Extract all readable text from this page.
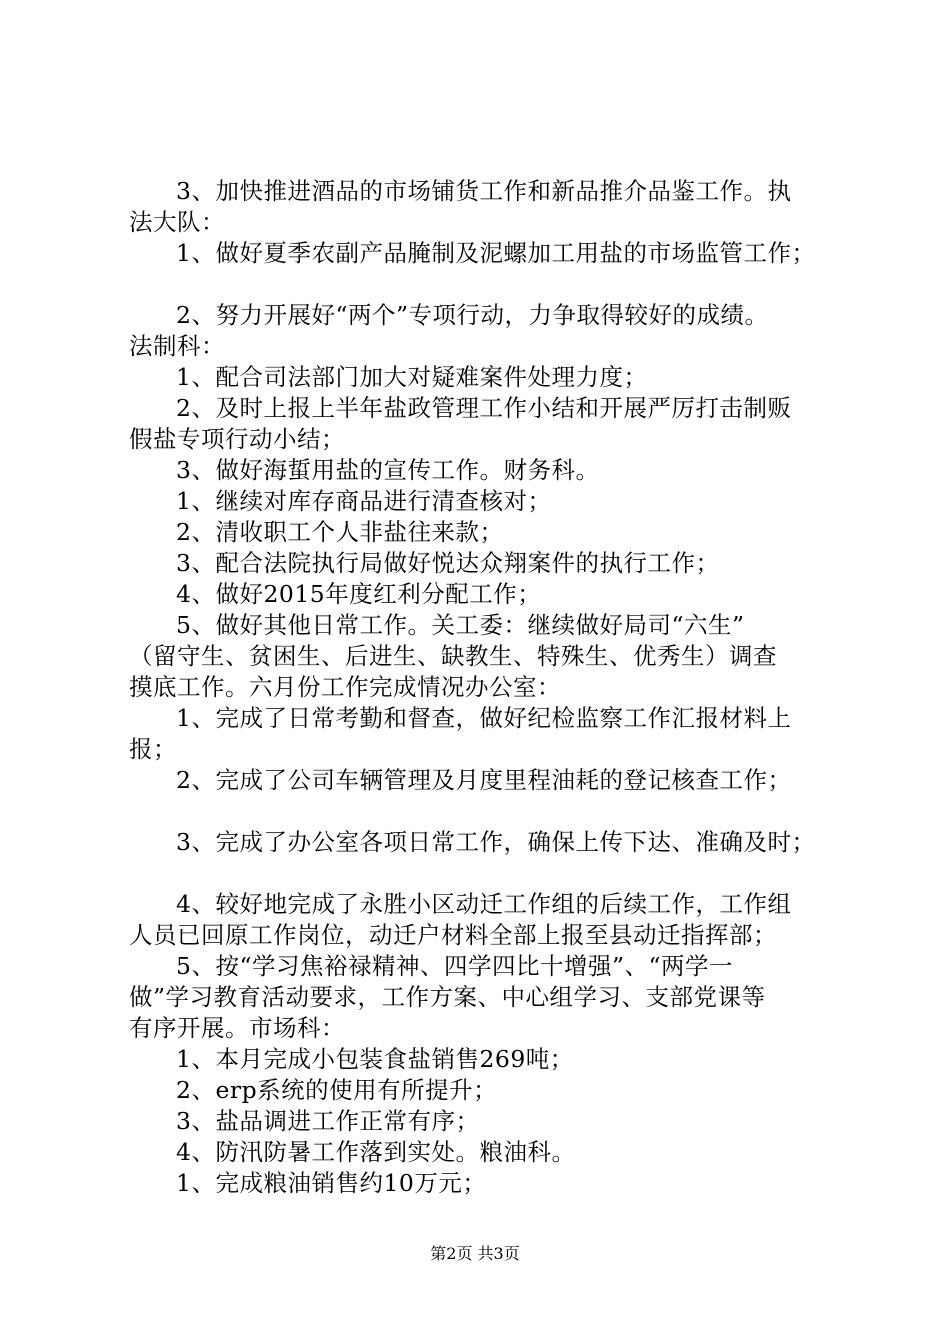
3、加快推进酒品的市场铺货工作和新品推介品鉴工作。执
法大队：
1、做好夏季农副产品腌制及泥螺加工用盐的市场监管工作；
2、努力开展好“两个”专项行动，力争取得较好的成绩。
法制科：
1、配合司法部门加大对疑难案件处理力度；
2、及时上报上半年盐政管理工作小结和开展严厉打击制贩
假盐专项行动小结；
3、做好海蜇用盐的宣传工作。财务科。
1、继续对库存商品进行清查核对；
2、清收职工个人非盐往来款；
3、配合法院执行局做好悦达众翔案件的执行工作；
4、做好2015年度红利分配工作；
5、做好其他日常工作。关工委：继续做好局司“六生”
（留守生、贫困生、后进生、缺教生、特殊生、优秀生）调查
摸底工作。六月份工作完成情况办公室：
1、完成了日常考勤和督查，做好纪检监察工作汇报材料上
报；
2、完成了公司车辆管理及月度里程油耗的登记核查工作；
3、完成了办公室各项日常工作，确保上传下达、准确及时；
4、较好地完成了永胜小区动迁工作组的后续工作，工作组
人员已回原工作岗位，动迁户材料全部上报至县动迁指挥部；
5、按“学习焦裕禄精神、四学四比十增强”、“两学一
做”学习教育活动要求，工作方案、中心组学习、支部党课等
有序开展。市场科：
1、本月完成小包装食盐销售269吨；
2、erp系统的使用有所提升；
3、盐品调进工作正常有序；
4、防汛防暑工作落到实处。粮油科。
1、完成粮油销售约10万元；
第2页 共3页
